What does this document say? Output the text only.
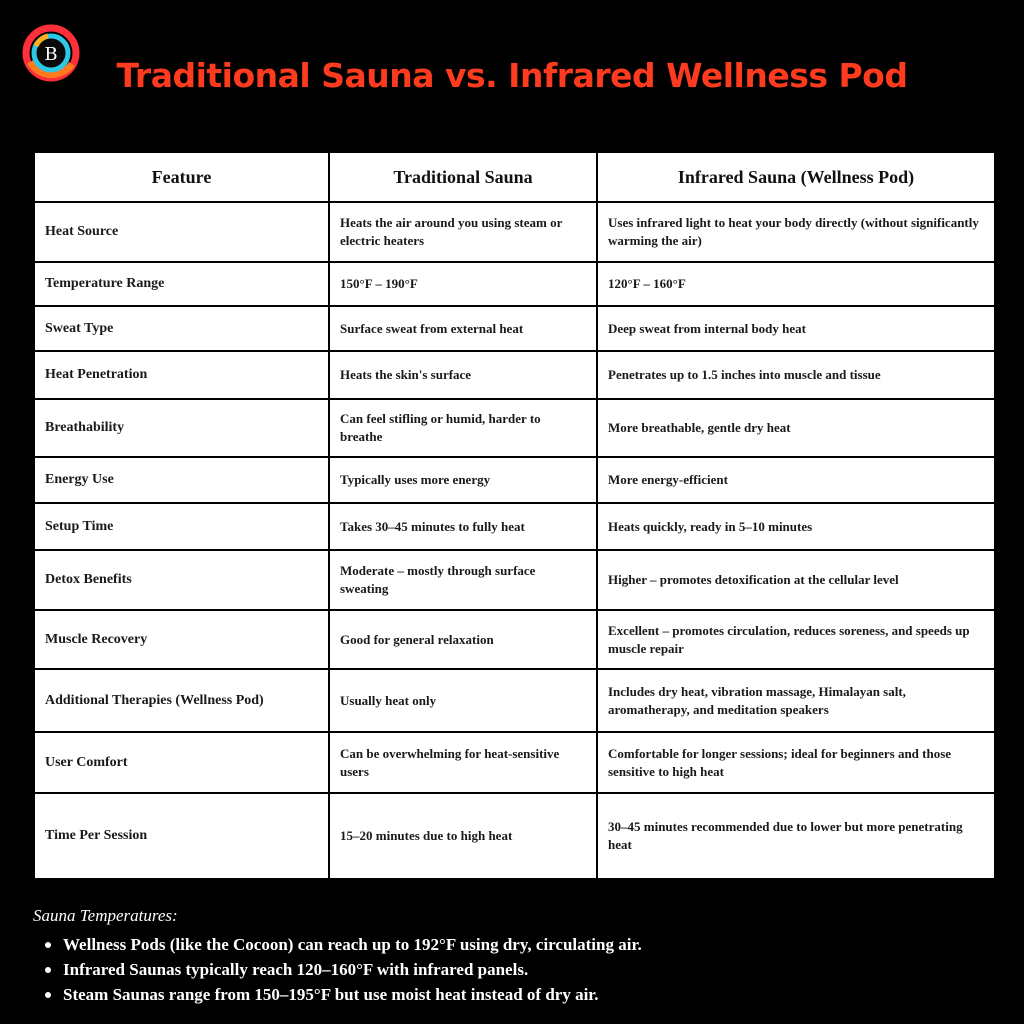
B
Traditional Sauna vs. Infrared Wellness Pod
Feature	Traditional Sauna	Infrared Sauna (Wellness Pod)
Heat Source	Heats the air around you using steam or electric heaters	Uses infrared light to heat your body directly (without significantly warming the air)
Temperature Range	150°F – 190°F	120°F – 160°F
Sweat Type	Surface sweat from external heat	Deep sweat from internal body heat
Heat Penetration	Heats the skin's surface	Penetrates up to 1.5 inches into muscle and tissue
Breathability	Can feel stifling or humid, harder to breathe	More breathable, gentle dry heat
Energy Use	Typically uses more energy	More energy-efficient
Setup Time	Takes 30–45 minutes to fully heat	Heats quickly, ready in 5–10 minutes
Detox Benefits	Moderate – mostly through surface sweating	Higher – promotes detoxification at the cellular level
Muscle Recovery	Good for general relaxation	Excellent – promotes circulation, reduces soreness, and speeds up muscle repair
Additional Therapies (Wellness Pod)	Usually heat only	Includes dry heat, vibration massage, Himalayan salt, aromatherapy, and meditation speakers
User Comfort	Can be overwhelming for heat-sensitive users	Comfortable for longer sessions; ideal for beginners and those sensitive to high heat
Time Per Session	15–20 minutes due to high heat	30–45 minutes recommended due to lower but more penetrating heat

Sauna Temperatures:

Wellness Pods (like the Cocoon) can reach up to 192°F using dry, circulating air.
Infrared Saunas typically reach 120–160°F with infrared panels.
Steam Saunas range from 150–195°F but use moist heat instead of dry air.
